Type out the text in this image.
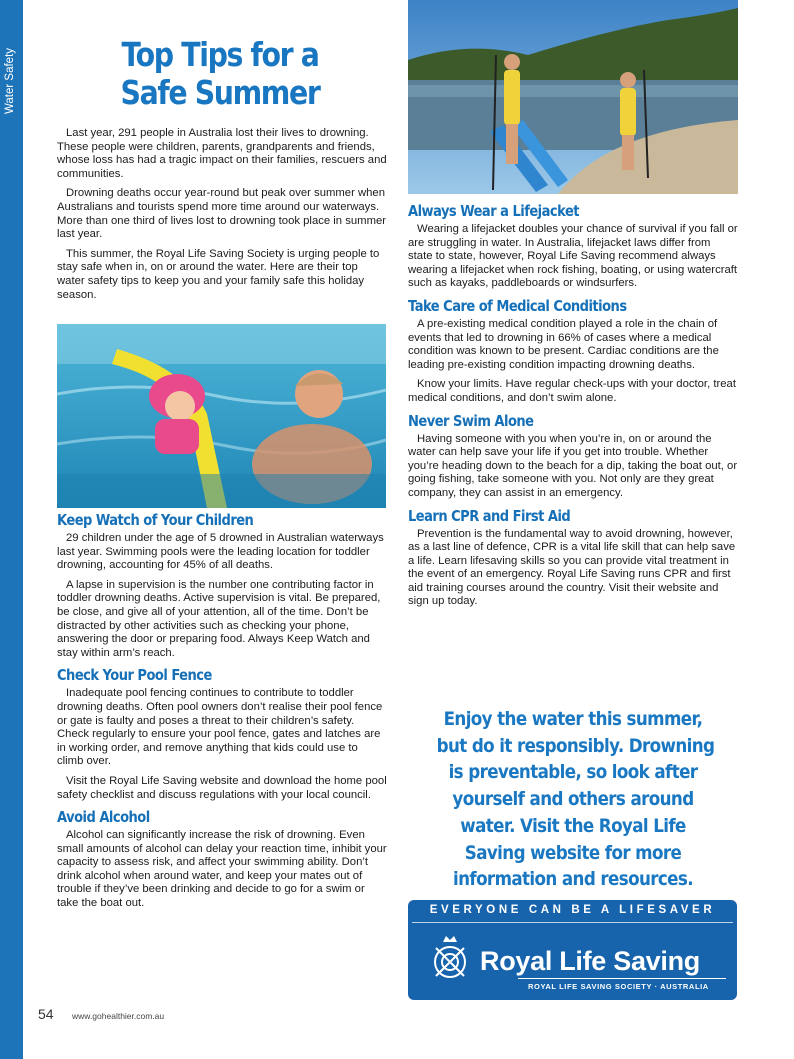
Water Safety	Top Tips for a
Safe Summer

Last year, 291 people in Australia lost their lives to drowning. These people were children, parents, grandparents and friends, whose loss has had a tragic impact on their families, rescuers and communities.

Drowning deaths occur year-round but peak over summer when Australians and tourists spend more time around our waterways. More than one third of lives lost to drowning took place in summer last year.

This summer, the Royal Life Saving Society is urging people to stay safe when in, on or around the water. Here are their top water safety tips to keep you and your family safe this holiday season.

Keep Watch of Your Children

29 children under the age of 5 drowned in Australian waterways last year. Swimming pools were the leading location for toddler drowning, accounting for 45% of all deaths.

A lapse in supervision is the number one contributing factor in toddler drowning deaths. Active supervision is vital. Be prepared, be close, and give all of your attention, all of the time. Don’t be distracted by other activities such as checking your phone, answering the door or preparing food. Always Keep Watch and stay within arm’s reach.

Check Your Pool Fence

Inadequate pool fencing continues to contribute to toddler drowning deaths. Often pool owners don’t realise their pool fence or gate is faulty and poses a threat to their children’s safety. Check regularly to ensure your pool fence, gates and latches are in working order, and remove anything that kids could use to climb over.

Visit the Royal Life Saving website and download the home pool safety checklist and discuss regulations with your local council.

Avoid Alcohol

Alcohol can significantly increase the risk of drowning. Even small amounts of alcohol can delay your reaction time, inhibit your capacity to assess risk, and affect your swimming ability. Don’t drink alcohol when around water, and keep your mates out of trouble if they’ve been drinking and decide to go for a swim or take the boat out.

Always Wear a Lifejacket

Wearing a lifejacket doubles your chance of survival if you fall or are struggling in water. In Australia, lifejacket laws differ from state to state, however, Royal Life Saving recommend always wearing a lifejacket when rock fishing, boating, or using watercraft such as kayaks, paddleboards or windsurfers.

Take Care of Medical Conditions

A pre-existing medical condition played a role in the chain of events that led to drowning in 66% of cases where a medical condition was known to be present. Cardiac conditions are the leading pre-existing condition impacting drowning deaths.

Know your limits. Have regular check-ups with your doctor, treat medical conditions, and don’t swim alone.

Never Swim Alone

Having someone with you when you’re in, on or around the water can help save your life if you get into trouble. Whether you’re heading down to the beach for a dip, taking the boat out, or going fishing, take someone with you. Not only are they great company, they can assist in an emergency.

Learn CPR and First Aid

Prevention is the fundamental way to avoid drowning, however, as a last line of defence, CPR is a vital life skill that can help save a life. Learn lifesaving skills so you can provide vital treatment in the event of an emergency. Royal Life Saving runs CPR and first aid training courses around the country. Visit their website and sign up today.

Enjoy the water this summer,
but do it responsibly. Drowning
is preventable, so look after
yourself and others around
water. Visit the Royal Life
Saving website for more
information and resources.
EVERYONE CAN BE A LIFESAVER
Royal Life Saving
ROYAL LIFE SAVING SOCIETY · AUSTRALIA
54 www.gohealthier.com.au
